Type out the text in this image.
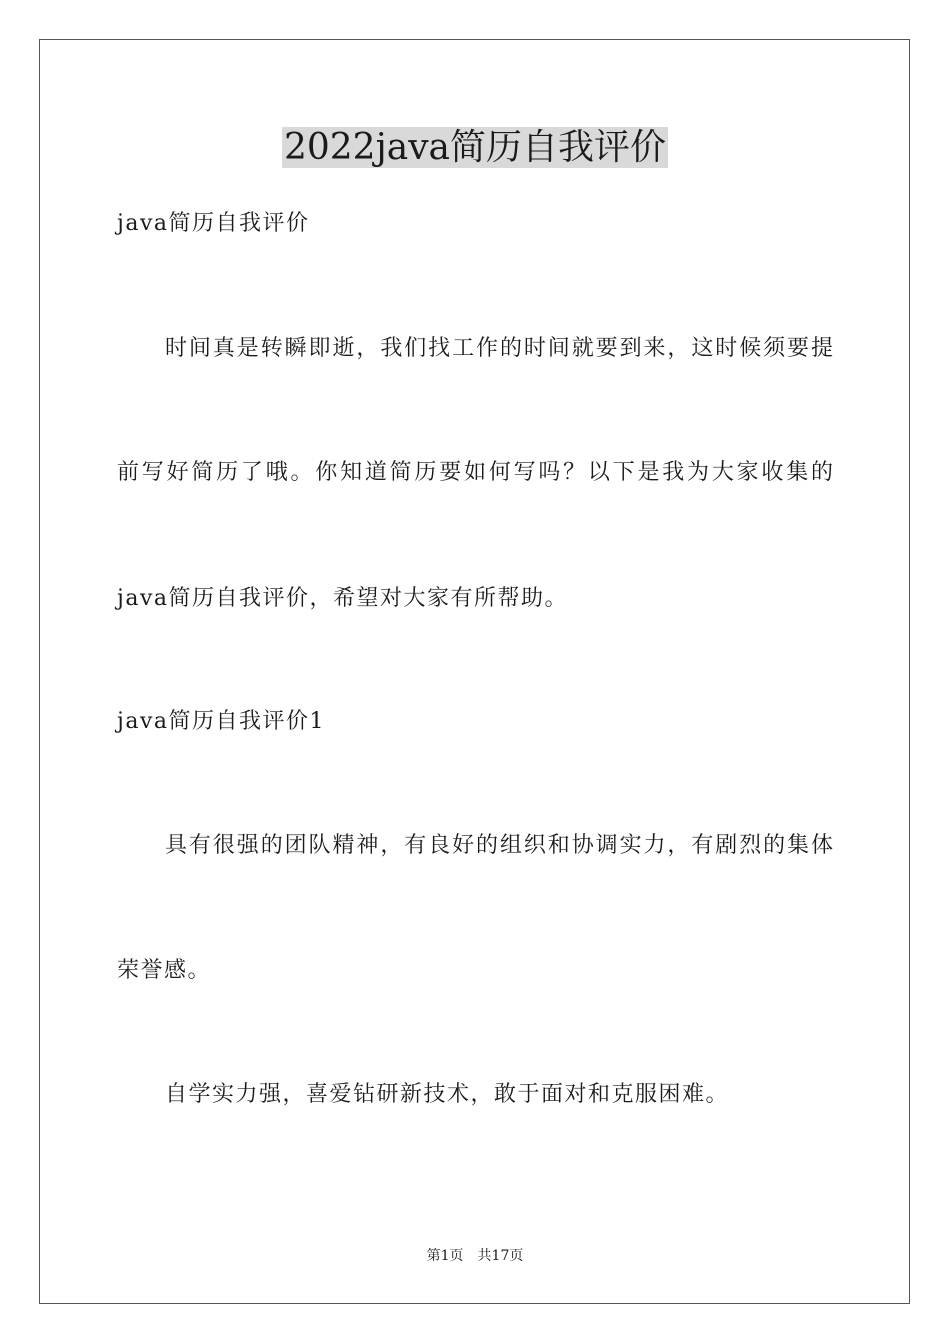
2022java简历自我评价
java简历自我评价
时间真是转瞬即逝，我们找工作的时间就要到来，这时候须要提
前写好简历了哦。你知道简历要如何写吗？以下是我为大家收集的
java简历自我评价，希望对大家有所帮助。
java简历自我评价1
具有很强的团队精神，有良好的组织和协调实力，有剧烈的集体
荣誉感。
自学实力强，喜爱钻研新技术，敢于面对和克服困难。
第1页 共17页
